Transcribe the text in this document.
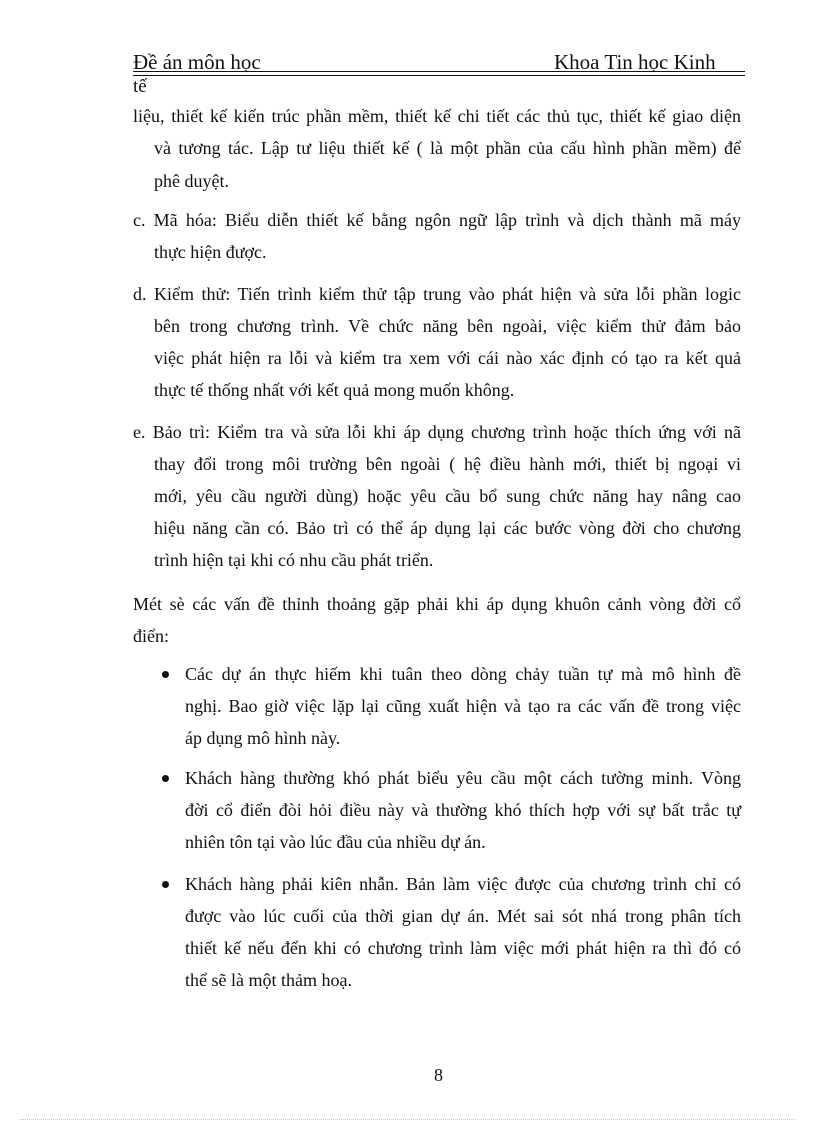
Đề án môn học	Khoa Tin học Kinh
tế
liệu, thiết kế kiến trúc phần mềm, thiết kế chi tiết các thủ tục, thiết kế giao diện
và tương tác. Lập tư liệu thiết kế ( là một phần của cấu hình phần mềm) để
phê duyệt.
c. Mã hóa: Biểu diễn thiết kế bằng ngôn ngữ lập trình và dịch thành mã máy
thực hiện được.
d. Kiểm thử: Tiến trình kiểm thử tập trung vào phát hiện và sửa lỗi phần logic
bên trong chương trình. Về chức năng bên ngoài, việc kiểm thử đảm bảo
việc phát hiện ra lỗi và kiểm tra xem với cái nào xác định có tạo ra kết quả
thực tế thống nhất với kết quả mong muốn không.
e. Bảo trì: Kiểm tra và sửa lỗi khi áp dụng chương trình hoặc thích ứng với nã
thay đổi trong môi trường bên ngoài ( hệ điều hành mới, thiết bị ngoại vi
mới, yêu cầu người dùng) hoặc yêu cầu bổ sung chức năng hay nâng cao
hiệu năng cần có. Bảo trì có thể áp dụng lại các bước vòng đời cho chương
trình hiện tại khi có nhu cầu phát triển.
Mét sè các vấn đề thỉnh thoảng gặp phải khi áp dụng khuôn cảnh vòng đời cổ
điển:
Các dự án thực hiếm khi tuân theo dòng chảy tuần tự mà mô hình đề
nghị. Bao giờ việc lặp lại cũng xuất hiện và tạo ra các vấn đề trong việc
áp dụng mô hình này.
Khách hàng thường khó phát biểu yêu cầu một cách tường minh. Vòng
đời cổ điển đòi hỏi điều này và thường khó thích hợp với sự bất trắc tự
nhiên tôn tại vào lúc đầu của nhiều dự án.
Khách hàng phải kiên nhẫn. Bản làm việc được của chương trình chỉ có
được vào lúc cuối của thời gian dự án. Mét sai sót nhá trong phân tích
thiết kế nếu đến khi có chương trình làm việc mới phát hiện ra thì đó có
thể sẽ là một thảm hoạ.
8
